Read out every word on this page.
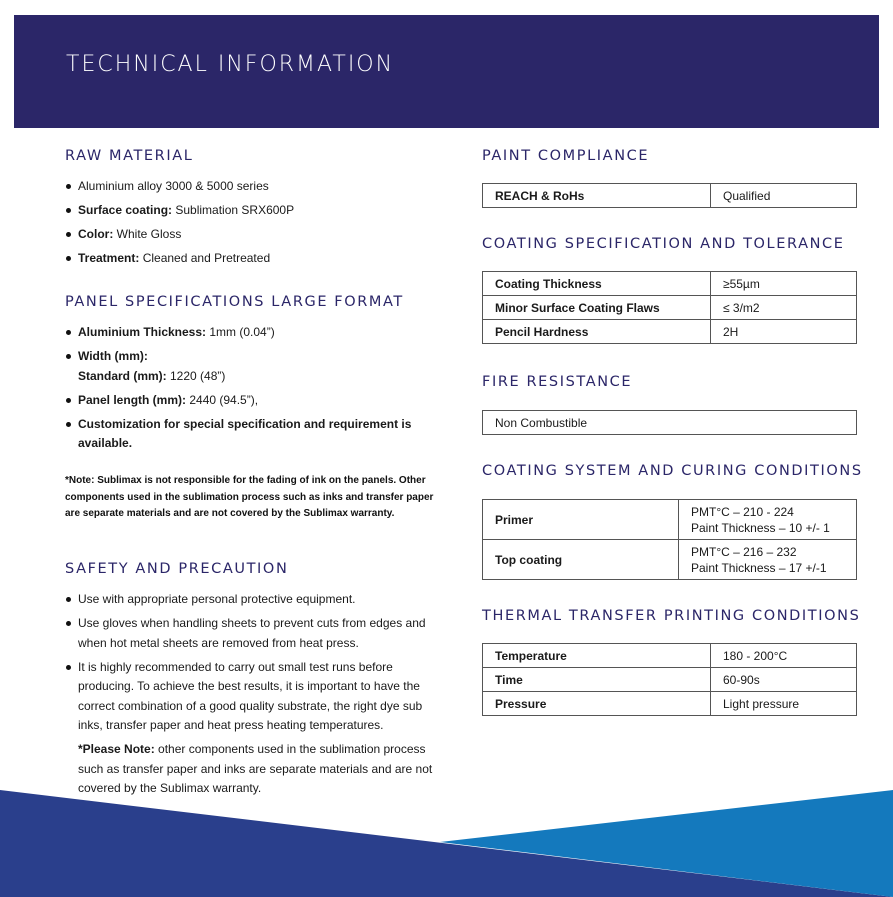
TECHNICAL INFORMATION
RAW MATERIAL
Aluminium alloy 3000 & 5000 series
Surface coating: Sublimation SRX600P
Color: White Gloss
Treatment: Cleaned and Pretreated
PANEL SPECIFICATIONS LARGE FORMAT
Aluminium Thickness: 1mm (0.04”)
Width (mm):
Standard (mm): 1220 (48”)
Panel length (mm): 2440 (94.5”),
Customization for special specification and requirement is available.
*Note: Sublimax is not responsible for the fading of ink on the panels. Other components used in the sublimation process such as inks and transfer paper are separate materials and are not covered by the Sublimax warranty.
SAFETY AND PRECAUTION
Use with appropriate personal protective equipment.
Use gloves when handling sheets to prevent cuts from edges and when hot metal sheets are removed from heat press.
It is highly recommended to carry out small test runs before producing. To achieve the best results, it is important to have the correct combination of a good quality substrate, the right dye sub inks, transfer paper and heat press heating temperatures.
*Please Note: other components used in the sublimation process such as transfer paper and inks are separate materials and are not covered by the Sublimax warranty.
PAINT COMPLIANCE
REACH & RoHs	Qualified
COATING SPECIFICATION AND TOLERANCE
Coating Thickness	≥55µm
Minor Surface Coating Flaws	≤ 3/m2
Pencil Hardness	2H
FIRE RESISTANCE
Non Combustible
COATING SYSTEM AND CURING CONDITIONS
Primer	PMT°C – 210 - 224
Paint Thickness – 10 +/- 1

Top coating	PMT°C – 216 – 232
Paint Thickness – 17 +/-1
THERMAL TRANSFER PRINTING CONDITIONS
Temperature	180 - 200°C
Time	60-90s
Pressure	Light pressure
